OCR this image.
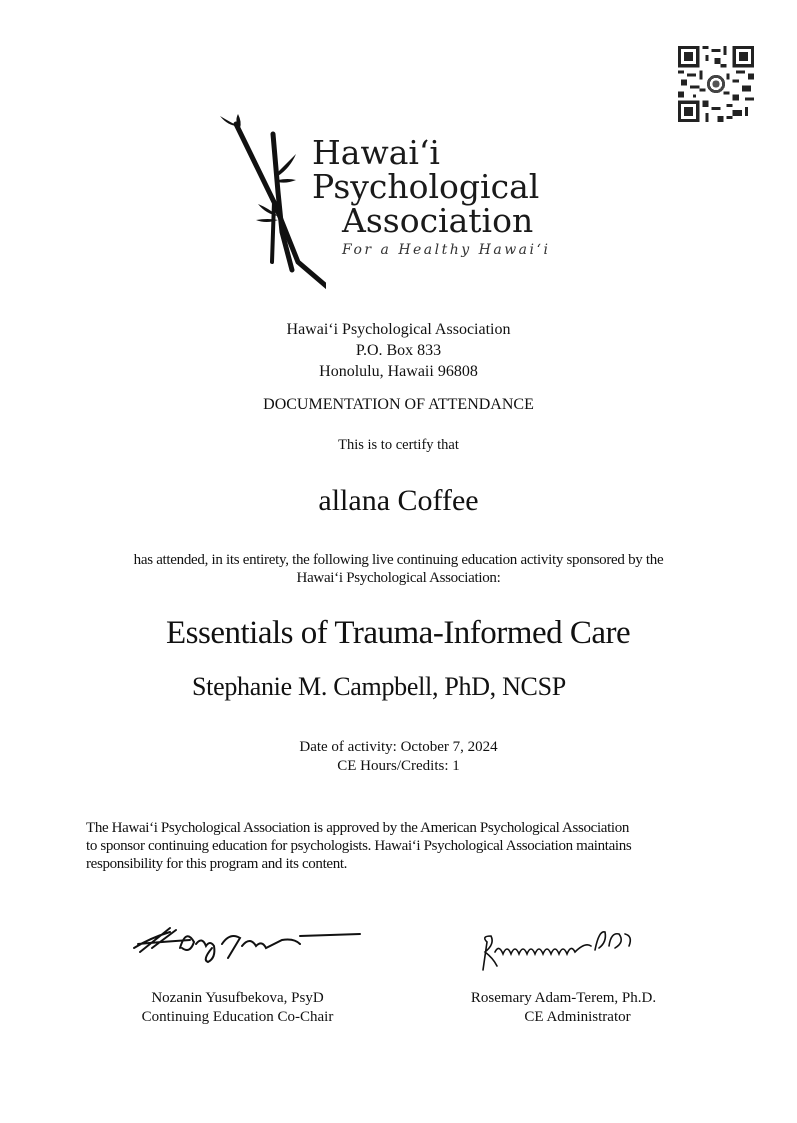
Hawaiʻi
Psychological
Association
For a Healthy Hawaiʻi
Hawai‘i Psychological Association
P.O. Box 833
Honolulu, Hawaii 96808
DOCUMENTATION OF ATTENDANCE
This is to certify that
allana Coffee
has attended, in its entirety, the following live continuing education activity sponsored by the
Hawai‘i Psychological Association:
Essentials of Trauma-Informed Care
Stephanie M. Campbell, PhD, NCSP
Date of activity: October 7, 2024
CE Hours/Credits: 1
The Hawai‘i Psychological Association is approved by the American Psychological Association
to sponsor continuing education for psychologists. Hawai‘i Psychological Association maintains
responsibility for this program and its content.
Nozanin Yusufbekova, PsyD
Continuing Education Co-Chair
Rosemary Adam-Terem, Ph.D.
CE Administrator
